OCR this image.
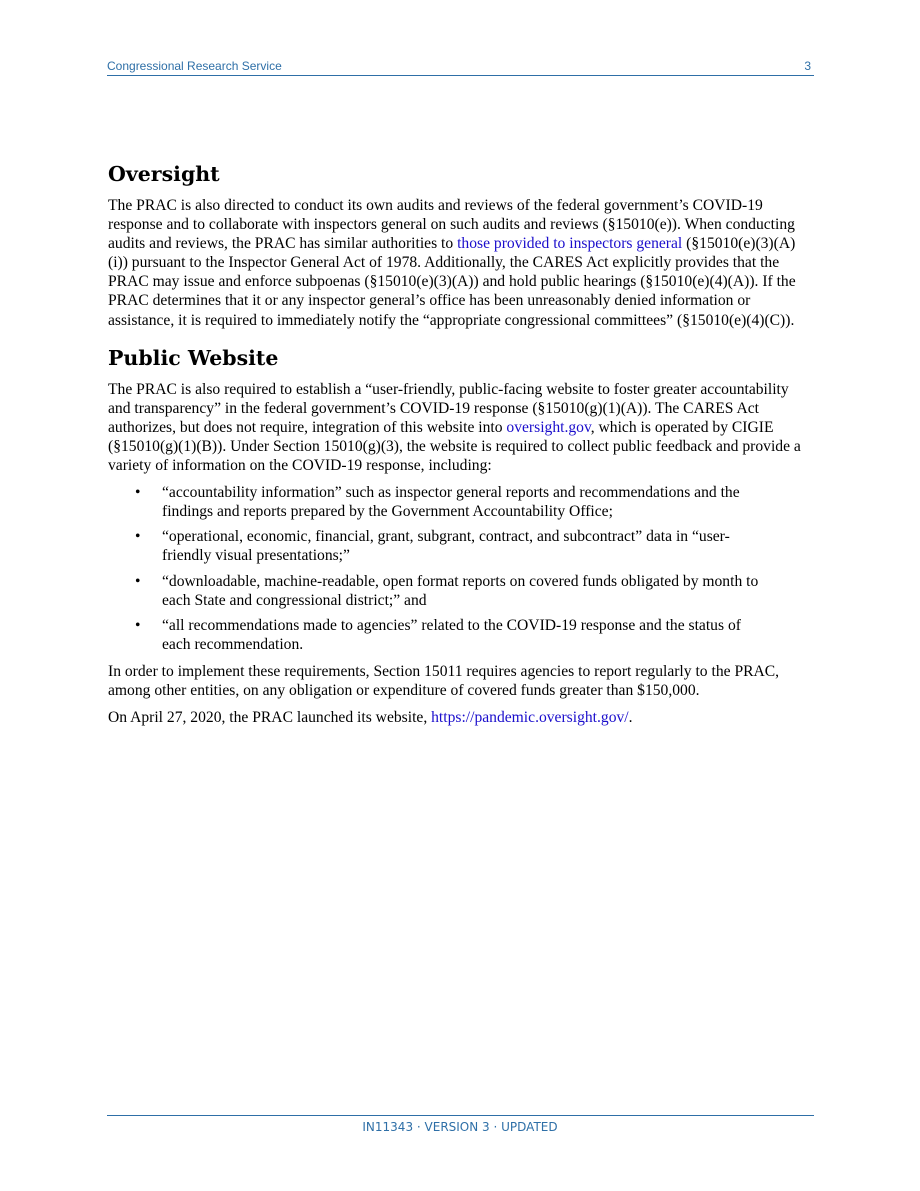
Congressional Research Service	3
Oversight

The PRAC is also directed to conduct its own audits and reviews of the federal government’s COVID-19 response and to collaborate with inspectors general on such audits and reviews (§15010(e)). When conducting audits and reviews, the PRAC has similar authorities to those provided to inspectors general (§15010(e)(3)(A)(i)) pursuant to the Inspector General Act of 1978. Additionally, the CARES Act explicitly provides that the PRAC may issue and enforce subpoenas (§15010(e)(3)(A)) and hold public hearings (§15010(e)(4)(A)). If the PRAC determines that it or any inspector general’s office has been unreasonably denied information or assistance, it is required to immediately notify the “appropriate congressional committees” (§15010(e)(4)(C)).

Public Website

The PRAC is also required to establish a “user-friendly, public-facing website to foster greater accountability and transparency” in the federal government’s COVID-19 response (§15010(g)(1)(A)). The CARES Act authorizes, but does not require, integration of this website into oversight.gov, which is operated by CIGIE (§15010(g)(1)(B)). Under Section 15010(g)(3), the website is required to collect public feedback and provide a variety of information on the COVID-19 response, including:

• “accountability information” such as inspector general reports and recommendations and the findings and reports prepared by the Government Accountability Office;
• “operational, economic, financial, grant, subgrant, contract, and subcontract” data in “user-friendly visual presentations;”
• “downloadable, machine-readable, open format reports on covered funds obligated by month to each State and congressional district;” and
• “all recommendations made to agencies” related to the COVID-19 response and the status of each recommendation.

In order to implement these requirements, Section 15011 requires agencies to report regularly to the PRAC, among other entities, on any obligation or expenditure of covered funds greater than $150,000.

On April 27, 2020, the PRAC launched its website, https://pandemic.oversight.gov/.

IN11343 · VERSION 3 · UPDATED
